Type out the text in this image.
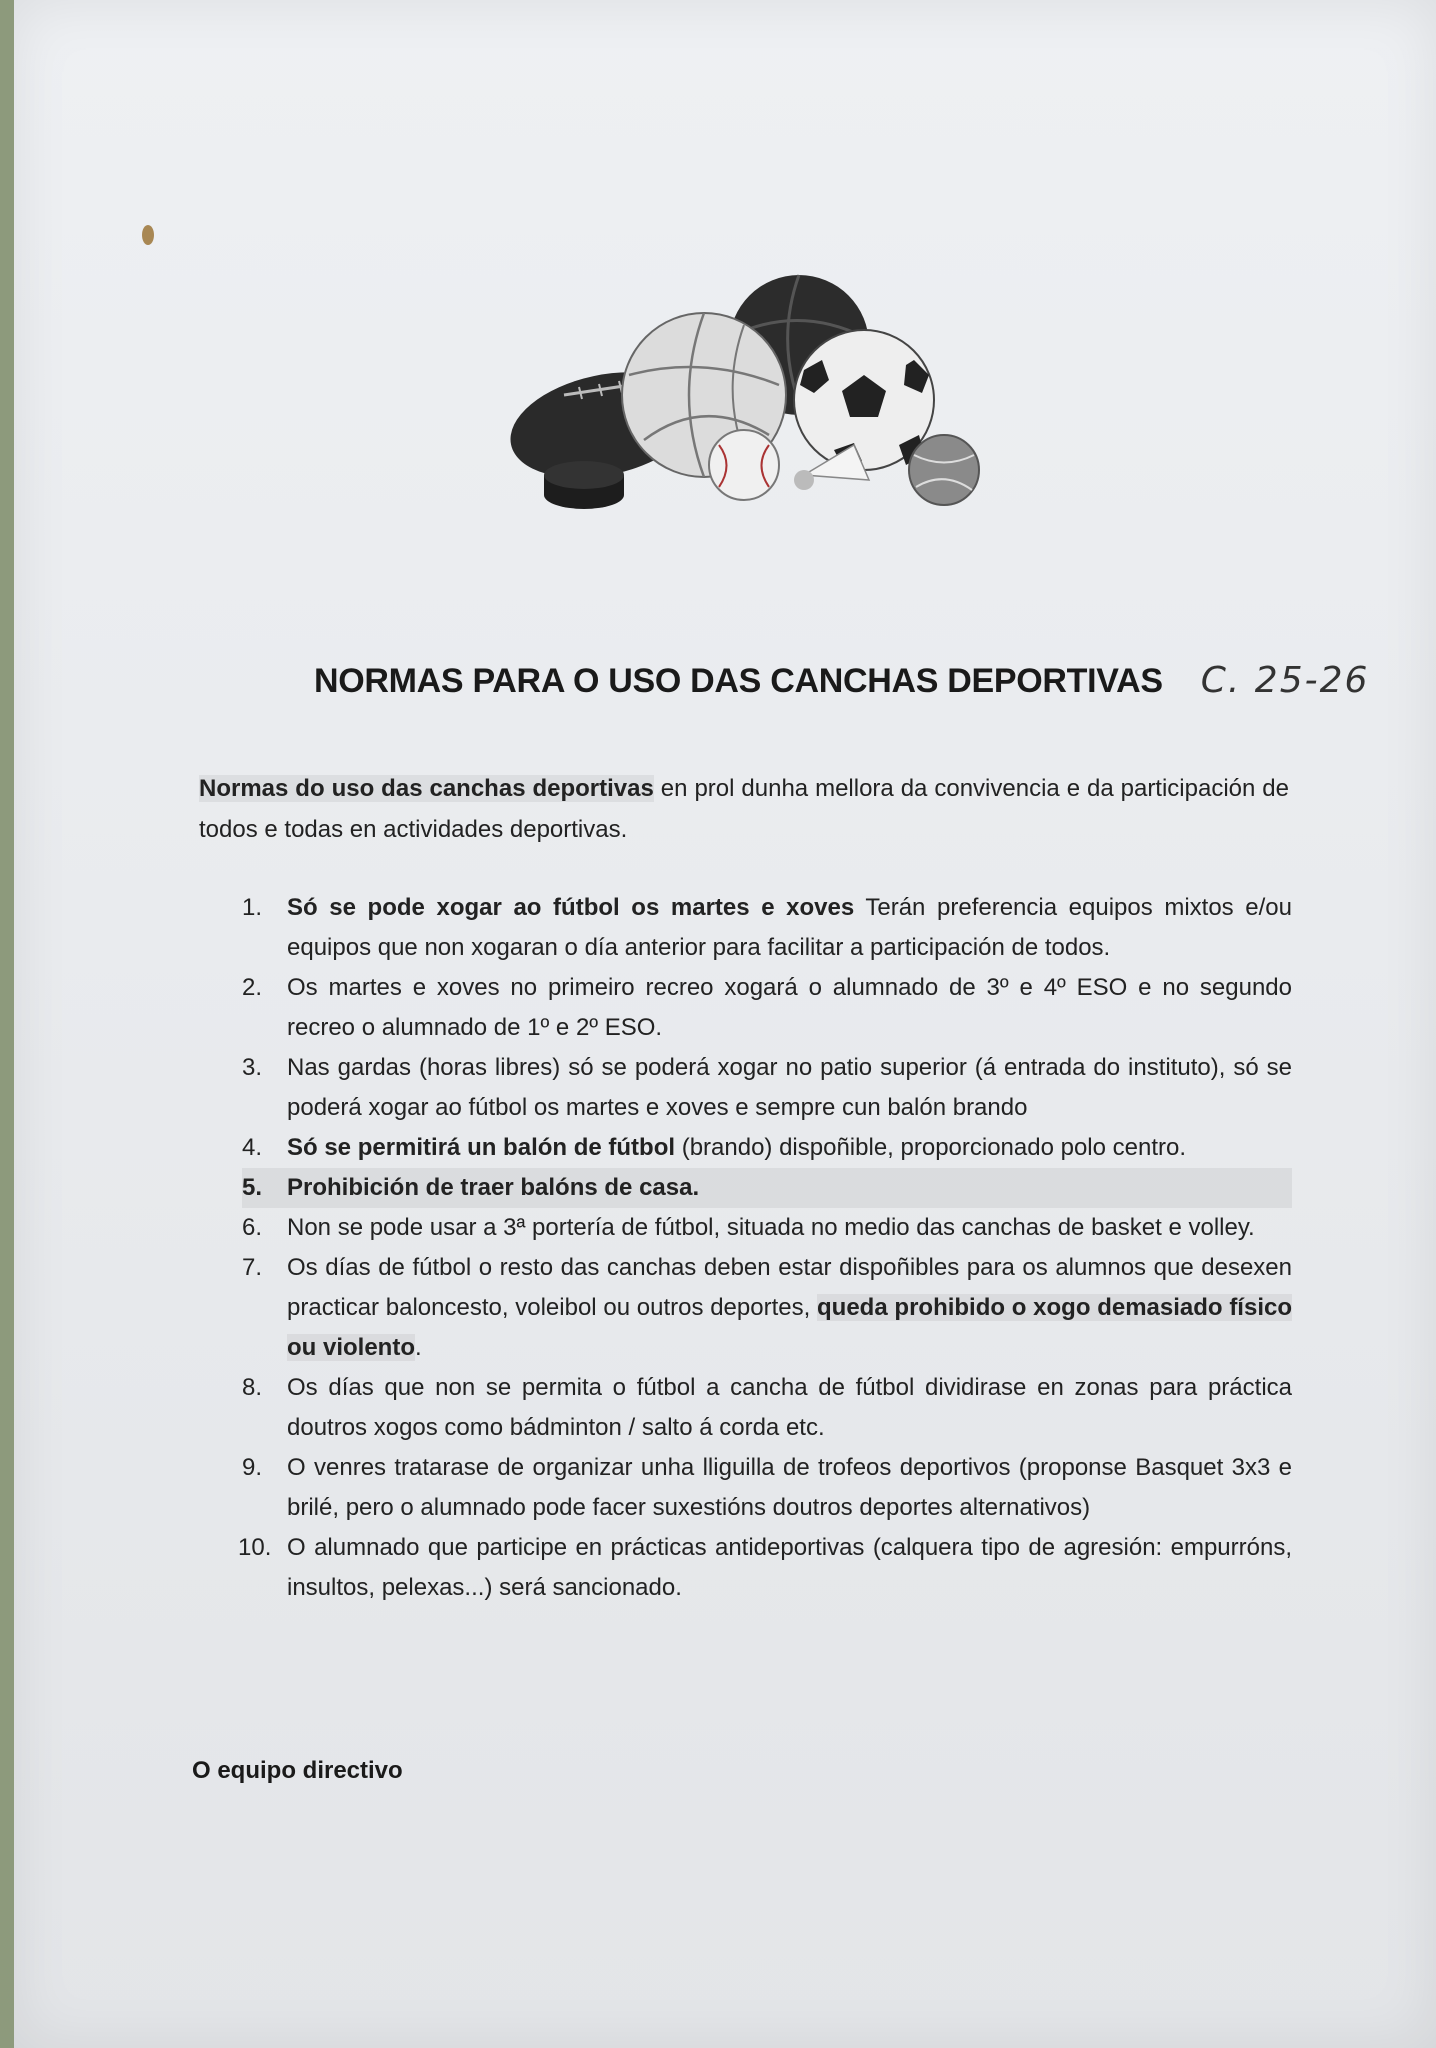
NORMAS PARA O USO DAS CANCHAS DEPORTIVAS C. 25-26

Normas do uso das canchas deportivas en prol dunha mellora da convivencia e da participación de todos e todas en actividades deportivas.

1.	Só se pode xogar ao fútbol os martes e xoves Terán preferencia equipos mixtos e/ou equipos que non xogaran o día anterior para facilitar a participación de todos.
2.	Os martes e xoves no primeiro recreo xogará o alumnado de 3º e 4º ESO e no segundo recreo o alumnado de 1º e 2º ESO.
3.	Nas gardas (horas libres) só se poderá xogar no patio superior (á entrada do instituto), só se poderá xogar ao fútbol os martes e xoves e sempre cun balón brando
4.	Só se permitirá un balón de fútbol (brando) dispoñible, proporcionado polo centro.
5.	Prohibición de traer balóns de casa.
6.	Non se pode usar a 3ª portería de fútbol, situada no medio das canchas de basket e volley.
7.	Os días de fútbol o resto das canchas deben estar dispoñibles para os alumnos que desexen practicar baloncesto, voleibol ou outros deportes, queda prohibido o xogo demasiado físico ou violento.
8.	Os días que non se permita o fútbol a cancha de fútbol dividirase en zonas para práctica doutros xogos como bádminton / salto á corda etc.
9.	O venres tratarase de organizar unha lliguilla de trofeos deportivos (proponse Basquet 3x3 e brilé, pero o alumnado pode facer suxestións doutros deportes alternativos)
10. O alumnado que participe en prácticas antideportivas (calquera tipo de agresión: empurróns, insultos, pelexas...) será sancionado.
O equipo directivo
